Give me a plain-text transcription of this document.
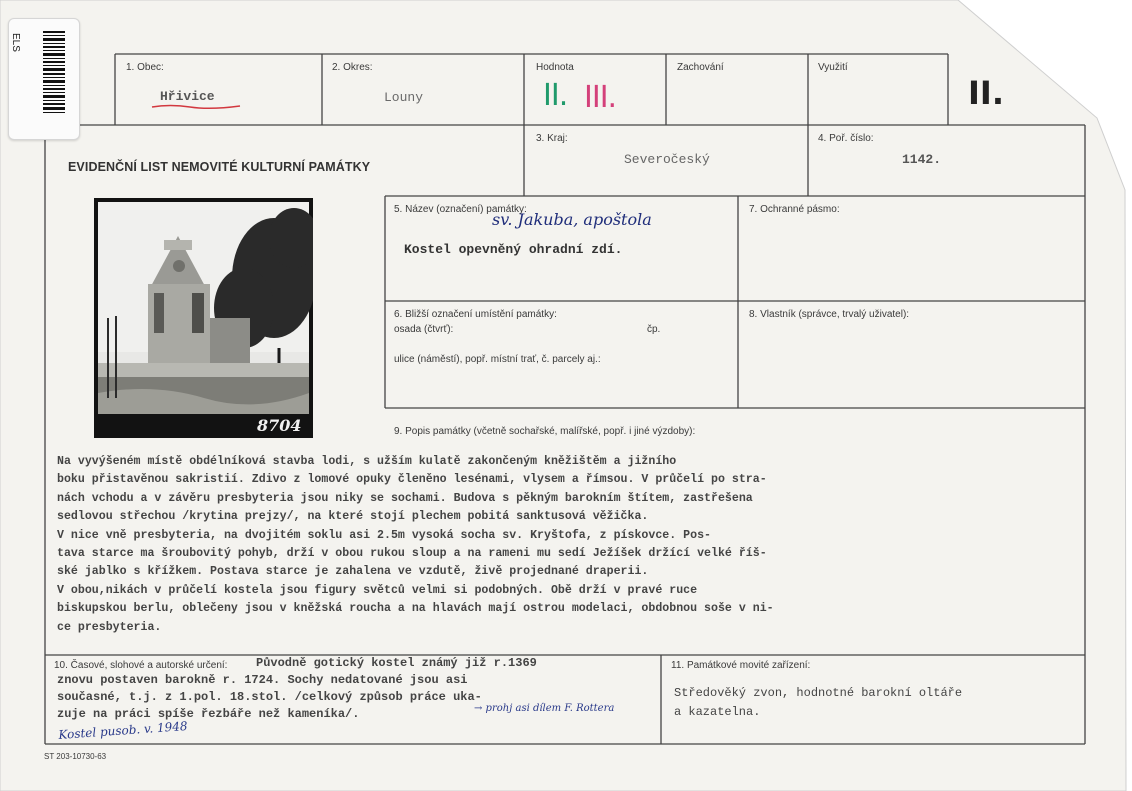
ELS
1. Obec:
Hřivice
2. Okres:
Louny
Hodnota
II. III.
Zachování	Využití
II.
EVIDENČNÍ LIST NEMOVITÉ KULTURNÍ PAMÁTKY
3. Kraj:
Severočeský
4. Poř. číslo:
1142.
8704
5. Název (označení) památky:
sv. Jakuba, apoštola
Kostel opevněný ohradní zdí.
7. Ochranné pásmo:
6. Bližší označení umístění památky:
osada (čtvrť):	čp.
ulice (náměstí), popř. místní trať, č. parcely aj.:
8. Vlastník (správce, trvalý uživatel):
9. Popis památky (včetně sochařské, malířské, popř. i jiné výzdoby):
Na vyvýšeném místě obdélníková stavba lodi, s užším kulatě zakončeným kněžištěm a jižního
boku přistavěnou sakristií. Zdivo z lomové opuky členěno lesénami, vlysem a římsou. V průčelí po stra-
nách vchodu a v závěru presbyteria jsou niky se sochami. Budova s pěkným barokním štítem, zastřešena
sedlovou střechou /krytina prejzy/, na které stojí plechem pobitá sanktusová věžička.
V nice vně presbyteria, na dvojitém soklu asi 2.5m vysoká socha sv. Kryštofa, z pískovce. Pos-
tava starce ma šroubovitý pohyb, drží v obou rukou sloup a na rameni mu sedí Ježíšek držící velké říš-
ské jablko s křížkem. Postava starce je zahalena ve vzdutě, živě projednané draperii.
V obou,nikách v průčelí kostela jsou figury světců velmi si podobných. Obě drží v pravé ruce
biskupskou berlu, oblečeny jsou v kněžská roucha a na hlavách mají ostrou modelaci, obdobnou soše v ni-
ce presbyteria.
10. Časové, slohové a autorské určení: Původně gotický kostel známý již r.1369
znovu postaven barokně r. 1724. Sochy nedatované jsou asi
současné, t.j. z 1.pol. 18.stol. /celkový způsob práce uka-
zuje na práci spíše řezbáře než kameníka/.	→ prohj asi dílem F. Rottera
Kostel pusob. v. 1948
11. Památkové movité zařízení:
Středověký zvon, hodnotné barokní oltáře
a kazatelna.
ST 203-10730-63
